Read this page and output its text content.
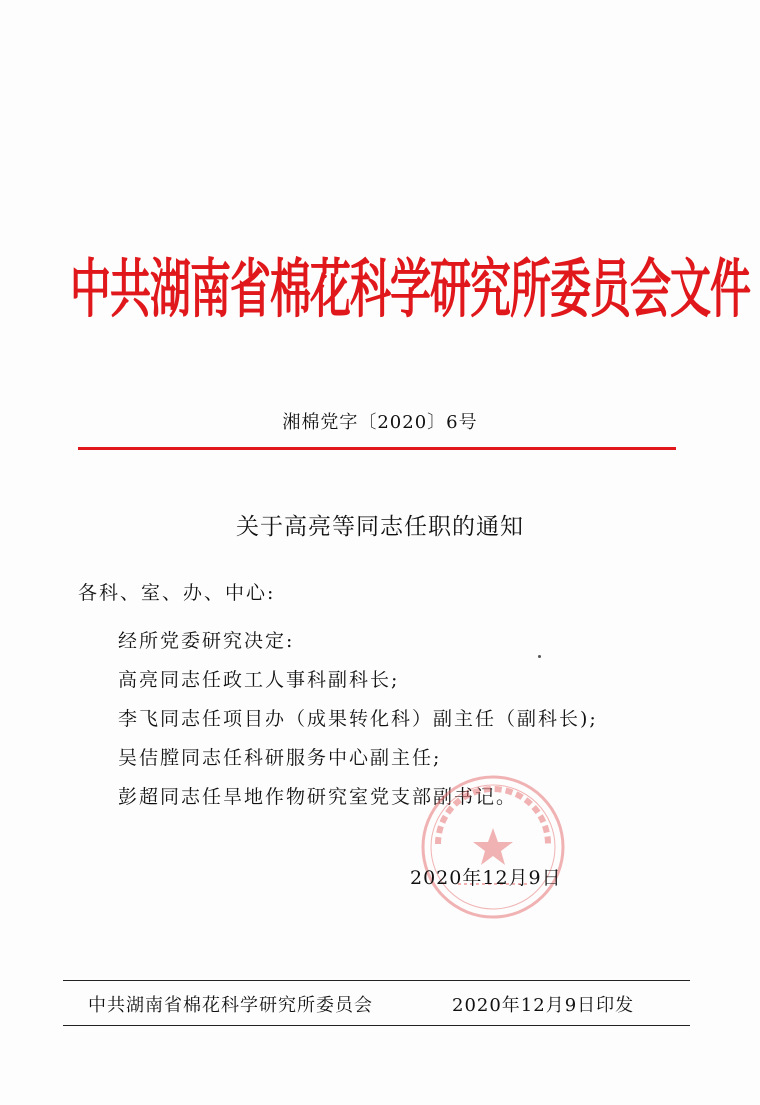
中共湖南省棉花科学研究所委员会文件
湘棉党字〔2020〕6号
关于高亮等同志任职的通知
各科、室、办、中心:
经所党委研究决定:
高亮同志任政工人事科副科长;
李飞同志任项目办（成果转化科）副主任（副科长);
吴佶膛同志任科研服务中心副主任;
彭超同志任旱地作物研究室党支部副书记。
2020年12月9日
中共湖南省棉花科学研究所委员会	2020年12月9日印发
